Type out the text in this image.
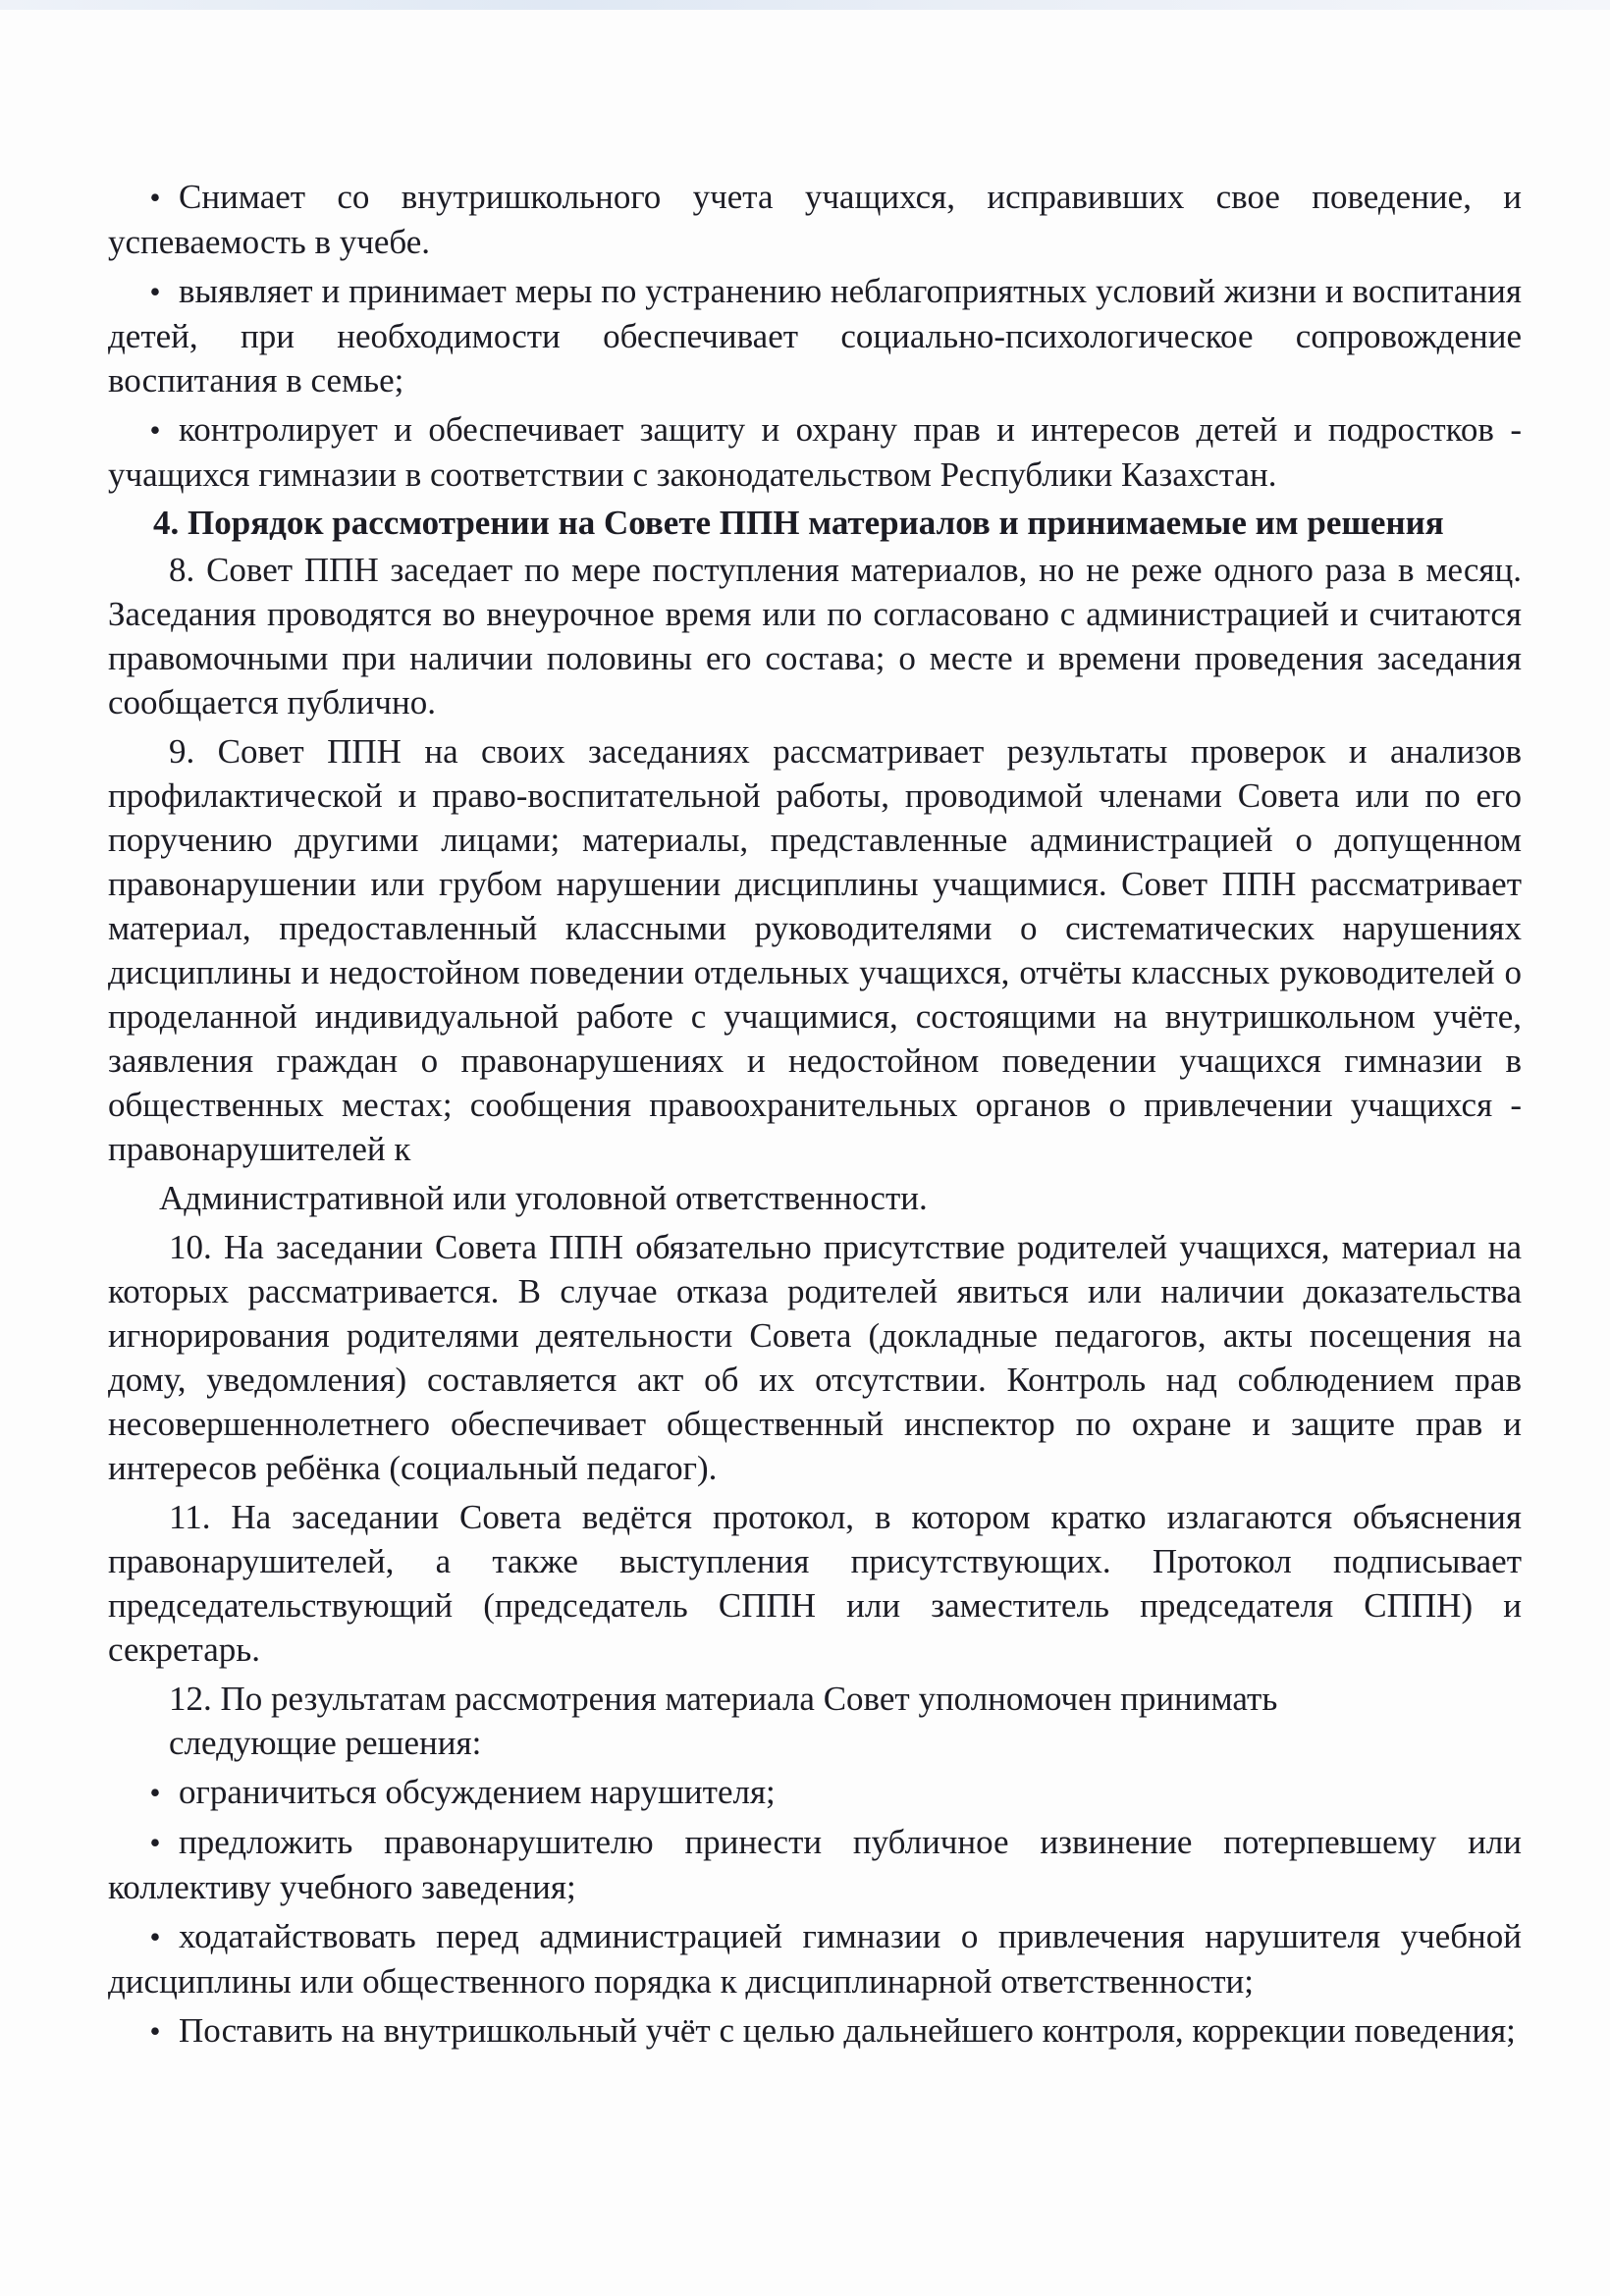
• Снимает со внутришкольного учета учащихся, исправивших свое поведение, и успеваемость в учебе.

• выявляет и принимает меры по устранению неблагоприятных условий жизни и воспитания детей, при необходимости обеспечивает социально-психологическое сопровождение воспитания в семье;

• контролирует и обеспечивает защиту и охрану прав и интересов детей и подростков - учащихся гимназии в соответствии с законодательством Республики Казахстан.

4. Порядок рассмотрении на Совете ППН материалов и принимаемые им решения

8. Совет ППН заседает по мере поступления материалов, но не реже одного раза в месяц. Заседания проводятся во внеурочное время или по согласовано с администрацией и считаются правомочными при наличии половины его состава; о месте и времени проведения заседания сообщается публично.

9. Совет ППН на своих заседаниях рассматривает результаты проверок и анализов профилактической и право-воспитательной работы, проводимой членами Совета или по его поручению другими лицами; материалы, представленные администрацией о допущенном правонарушении или грубом нарушении дисциплины учащимися. Совет ППН рассматривает материал, предоставленный классными руководителями о систематических нарушениях дисциплины и недостойном поведении отдельных учащихся, отчёты классных руководителей о проделанной индивидуальной работе с учащимися, состоящими на внутришкольном учёте, заявления граждан о правонарушениях и недостойном поведении учащихся гимназии в общественных местах; сообщения правоохранительных органов о привлечении учащихся - правонарушителей к

Административной или уголовной ответственности.

10. На заседании Совета ППН обязательно присутствие родителей учащихся, материал на которых рассматривается. В случае отказа родителей явиться или наличии доказательства игнорирования родителями деятельности Совета (докладные педагогов, акты посещения на дому, уведомления) составляется акт об их отсутствии. Контроль над соблюдением прав несовершеннолетнего обеспечивает общественный инспектор по охране и защите прав и интересов ребёнка (социальный педагог).

11. На заседании Совета ведётся протокол, в котором кратко излагаются объяснения правонарушителей, а также выступления присутствующих. Протокол подписывает председательствующий (председатель СППН или заместитель председателя СППН) и секретарь.

12. По результатам рассмотрения материала Совет уполномочен принимать
следующие решения:

• ограничиться обсуждением нарушителя;

• предложить правонарушителю принести публичное извинение потерпевшему или коллективу учебного заведения;

• ходатайствовать перед администрацией гимназии о привлечения нарушителя учебной дисциплины или общественного порядка к дисциплинарной ответственности;

• Поставить на внутришкольный учёт с целью дальнейшего контроля, коррекции поведения;
